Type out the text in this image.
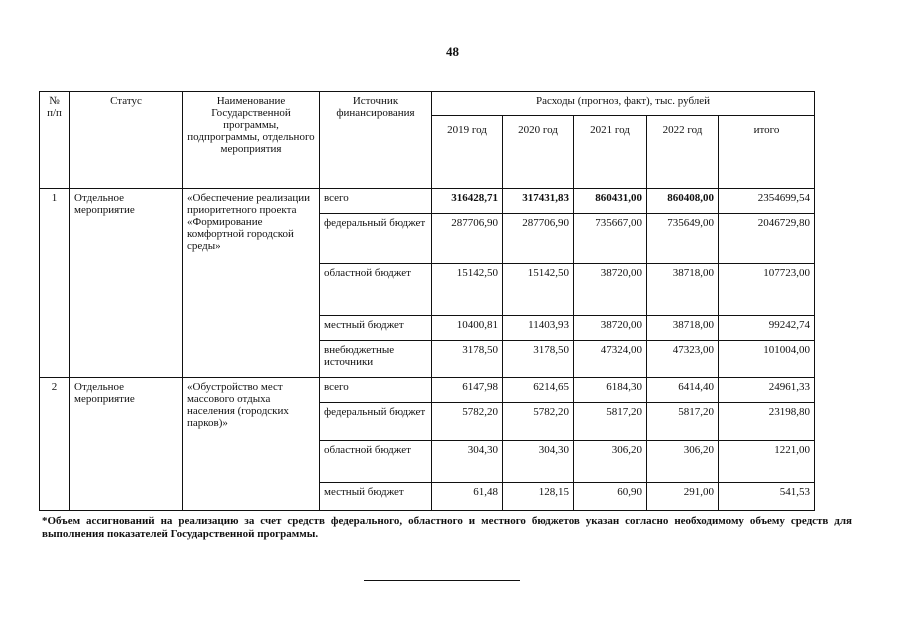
48
№
п/п	Статус	Наименование Государственной программы, подпрограммы, отдельного мероприятия	Источник финансирования	Расходы (прогноз, факт), тыс. рублей				
				2019 год	2020 год	2021 год	2022 год	итого
1	Отдельное мероприятие	«Обеспечение реализации приоритетного проекта «Формирование комфортной городской среды»	всего	316428,71	317431,83	860431,00	860408,00	2354699,54
			федеральный бюджет	287706,90	287706,90	735667,00	735649,00	2046729,80
			областной бюджет	15142,50	15142,50	38720,00	38718,00	107723,00
			местный бюджет	10400,81	11403,93	38720,00	38718,00	99242,74
			внебюджетные источники	3178,50	3178,50	47324,00	47323,00	101004,00
2	Отдельное мероприятие	«Обустройство мест массового отдыха населения (городских парков)»	всего	6147,98	6214,65	6184,30	6414,40	24961,33
			федеральный бюджет	5782,20	5782,20	5817,20	5817,20	23198,80
			областной бюджет	304,30	304,30	306,20	306,20	1221,00
			местный бюджет	61,48	128,15	60,90	291,00	541,53
*Объем ассигнований на реализацию за счет средств федерального, областного и местного бюджетов указан согласно необходимому объему средств для выполнения показателей Государственной программы.
